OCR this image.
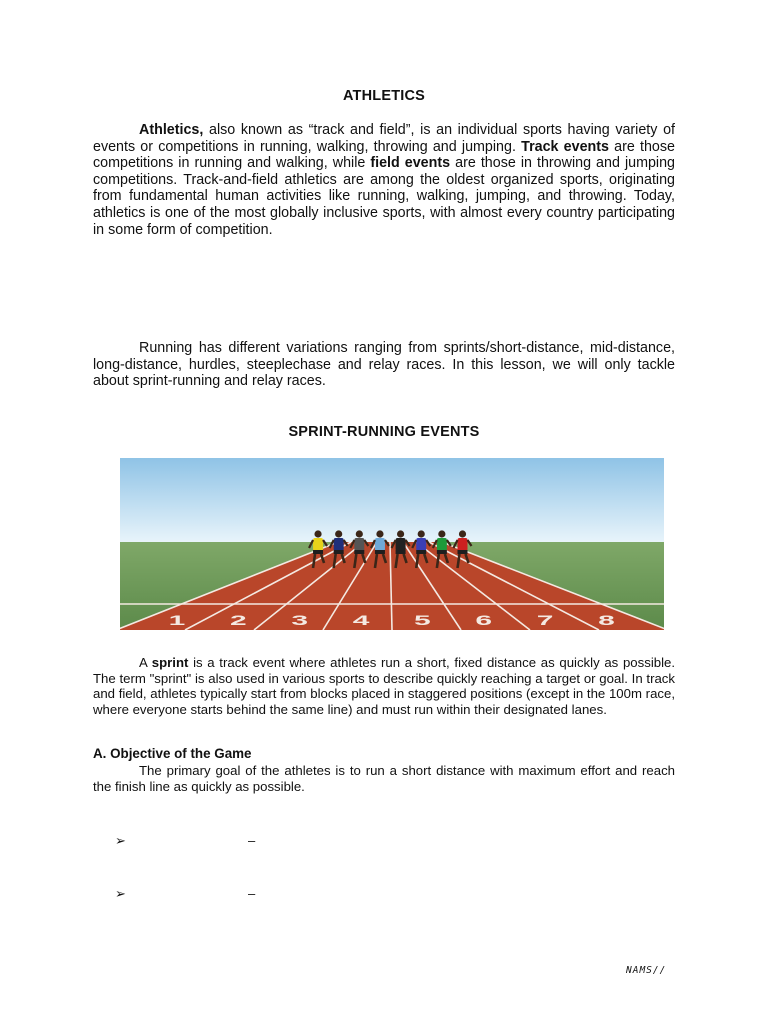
ATHLETICS

Athletics, also known as “track and field”, is an individual sports having variety of events or competitions in running, walking, throwing and jumping. Track events are those competitions in running and walking, while field events are those in throwing and jumping competitions. Track-and-field athletics are among the oldest organized sports, originating from fundamental human activities like running, walking, jumping, and throwing. Today, athletics is one of the most globally inclusive sports, with almost every country participating in some form of competition.

Running has different variations ranging from sprints/short-distance, mid-distance, long-distance, hurdles, steeplechase and relay races. In this lesson, we will only tackle about sprint-running and relay races.

SPRINT-RUNNING EVENTS
1 2 3 4 5 6 7 8

A sprint is a track event where athletes run a short, fixed distance as quickly as possible. The term "sprint" is also used in various sports to describe quickly reaching a target or goal. In track and field, athletes typically start from blocks placed in staggered positions (except in the 100m race, where everyone starts behind the same line) and must run within their designated lanes.

A. Objective of the Game

The primary goal of the athletes is to run a short distance with maximum effort and reach the finish line as quickly as possible.

➢	–
➢	–
NAMS//
